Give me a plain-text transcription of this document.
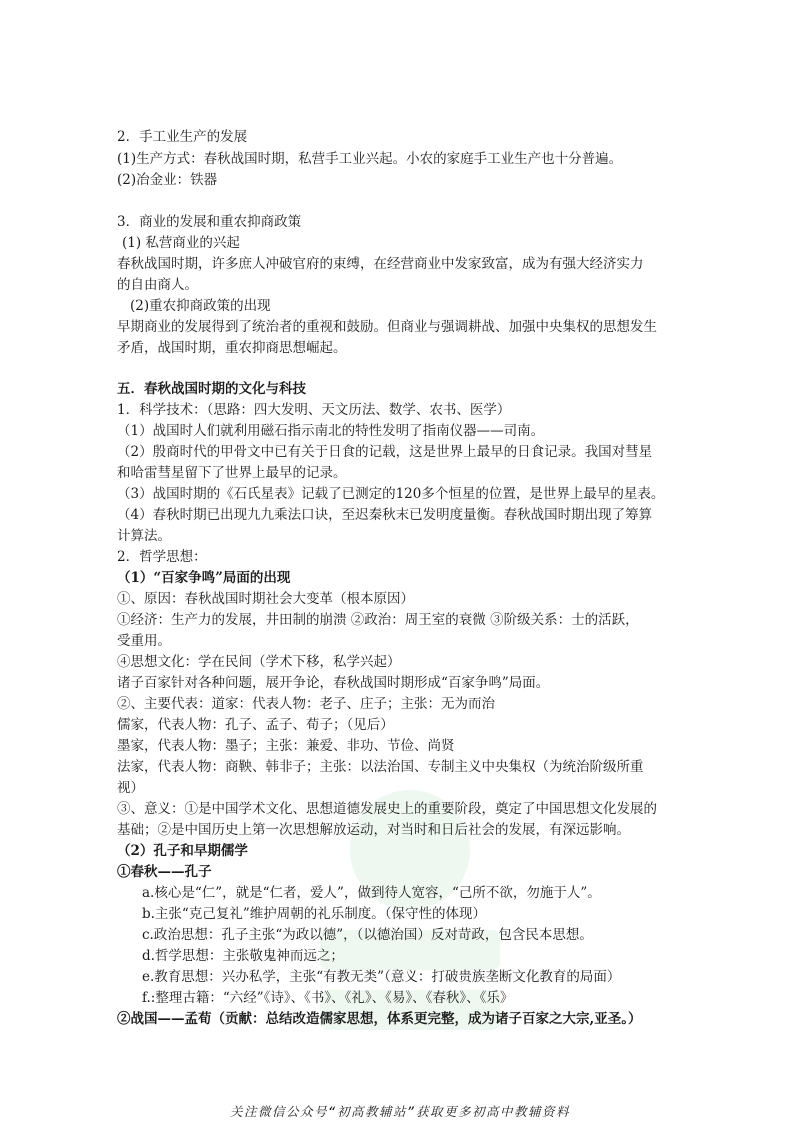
2．手工业生产的发展
(1)生产方式：春秋战国时期，私营手工业兴起。小农的家庭手工业生产也十分普遍。
(2)冶金业：铁器
3．商业的发展和重农抑商政策
(1) 私营商业的兴起
春秋战国时期，许多庶人冲破官府的束缚，在经营商业中发家致富，成为有强大经济实力
的自由商人。
(2)重农抑商政策的出现
早期商业的发展得到了统治者的重视和鼓励。但商业与强调耕战、加强中央集权的思想发生
矛盾，战国时期，重农抑商思想崛起。
五．春秋战国时期的文化与科技
1．科学技术：（思路：四大发明、天文历法、数学、农书、医学）
（1）战国时人们就利用磁石指示南北的特性发明了指南仪器——司南。
（2）殷商时代的甲骨文中已有关于日食的记载，这是世界上最早的日食记录。我国对彗星
和哈雷彗星留下了世界上最早的记录。
（3）战国时期的《石氏星表》记载了已测定的120多个恒星的位置，是世界上最早的星表。
（4）春秋时期已出现九九乘法口诀，至迟秦秋末已发明度量衡。春秋战国时期出现了筹算
计算法。
2．哲学思想：
（1）“百家争鸣”局面的出现
①、原因：春秋战国时期社会大变革（根本原因）
①经济：生产力的发展，井田制的崩溃 ②政治：周王室的衰微 ③阶级关系：士的活跃，
受重用。
④思想文化：学在民间（学术下移，私学兴起）
诸子百家针对各种问题，展开争论，春秋战国时期形成“百家争鸣”局面。
②、主要代表：道家：代表人物：老子、庄子；主张：无为而治
儒家，代表人物：孔子、孟子、荀子；（见后）
墨家，代表人物：墨子；主张：兼爱、非功、节俭、尚贤
法家，代表人物：商鞅、韩非子；主张：以法治国、专制主义中央集权（为统治阶级所重
视）
③、意义：①是中国学术文化、思想道德发展史上的重要阶段，奠定了中国思想文化发展的
基础；②是中国历史上第一次思想解放运动，对当时和日后社会的发展，有深远影响。
（2）孔子和早期儒学
①春秋——孔子
a.核心是“仁”，就是“仁者，爱人”，做到待人宽容，“己所不欲，勿施于人”。
b.主张“克己复礼”维护周朝的礼乐制度。（保守性的体现）
c.政治思想：孔子主张“为政以德”，（以德治国）反对苛政，包含民本思想。
d.哲学思想：主张敬鬼神而远之；
e.教育思想：兴办私学，主张“有教无类”（意义：打破贵族垄断文化教育的局面）
f.:整理古籍：“六经”《诗》、《书》、《礼》、《易》、《春秋》、《乐》
②战国——孟荀（贡献：总结改造儒家思想，体系更完整，成为诸子百家之大宗,亚圣。）
关注微信公众号“初高教辅站”获取更多初高中教辅资料
